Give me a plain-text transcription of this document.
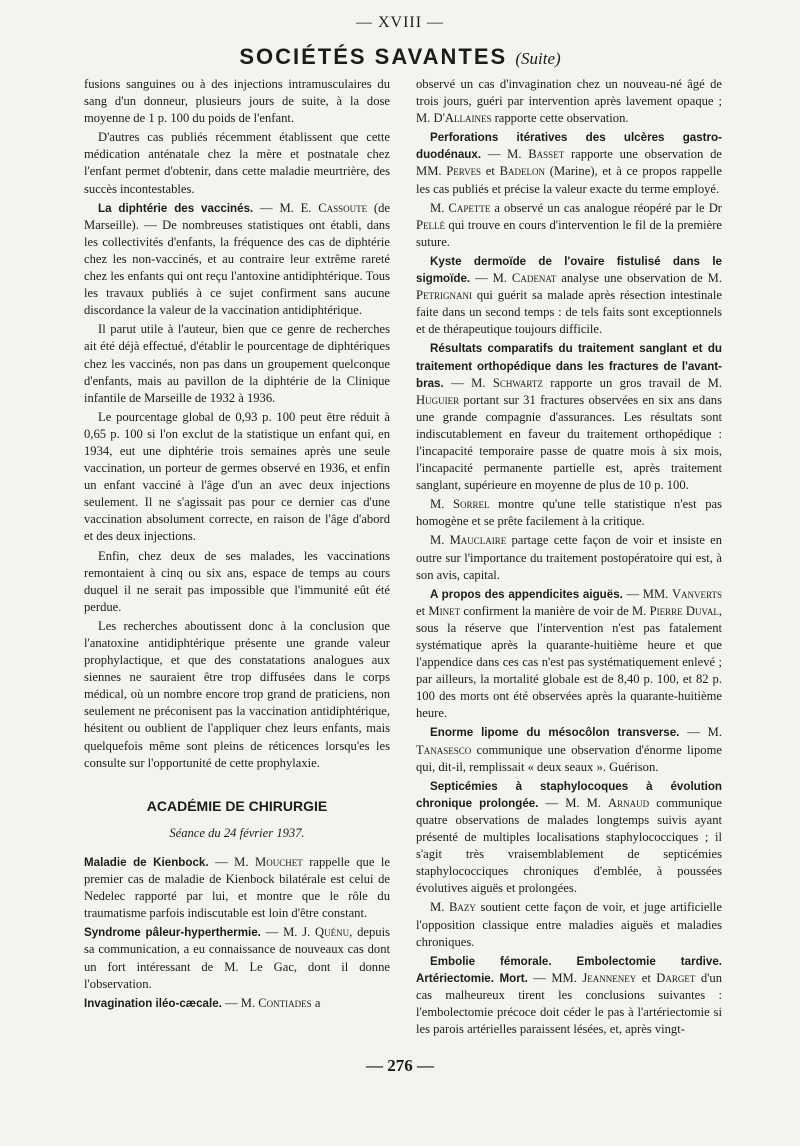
— XVIII —
SOCIÉTÉS SAVANTES (Suite)

fusions sanguines ou à des injections intramusculaires du sang d'un donneur, plusieurs jours de suite, à la dose moyenne de 1 p. 100 du poids de l'enfant.

D'autres cas publiés récemment établissent que cette médication anténatale chez la mère et postnatale chez l'enfant permet d'obtenir, dans cette maladie meurtrière, des succès incontestables.

La diphtérie des vaccinés. — M. E. Cassoute (de Marseille). — De nombreuses statistiques ont établi, dans les collectivités d'enfants, la fréquence des cas de diphtérie chez les non-vaccinés, et au contraire leur extrême rareté chez les enfants qui ont reçu l'antoxine antidiphtérique. Tous les travaux publiés à ce sujet confirment sans aucune discordance la valeur de la vaccination antidiphtérique.

Il parut utile à l'auteur, bien que ce genre de recherches ait été déjà effectué, d'établir le pourcentage de diphtériques chez les vaccinés, non pas dans un groupement quelconque d'enfants, mais au pavillon de la diphtérie de la Clinique infantile de Marseille de 1932 à 1936.

Le pourcentage global de 0,93 p. 100 peut être réduit à 0,65 p. 100 si l'on exclut de la statistique un enfant qui, en 1934, eut une diphtérie trois semaines après une seule vaccination, un porteur de germes observé en 1936, et enfin un enfant vacciné à l'âge d'un an avec deux injections seulement. Il ne s'agissait pas pour ce dernier cas d'une vaccination absolument correcte, en raison de l'âge d'abord et des deux injections.

Enfin, chez deux de ses malades, les vaccinations remontaient à cinq ou six ans, espace de temps au cours duquel il ne serait pas impossible que l'immunité eût été perdue.

Les recherches aboutissent donc à la conclusion que l'anatoxine antidiphtérique présente une grande valeur prophylactique, et que des constatations analogues aux siennes ne sauraient être trop diffusées dans le corps médical, où un nombre encore trop grand de praticiens, non seulement ne préconisent pas la vaccination antidiphtérique, hésitent ou oublient de l'appliquer chez leurs enfants, mais quelquefois même sont pleins de réticences lorsqu'es les consulte sur l'opportunité de cette prophylaxie.

ACADÉMIE DE CHIRURGIE
Séance du 24 février 1937.

Maladie de Kienbock. — M. Mouchet rappelle que le premier cas de maladie de Kienbock bilatérale est celui de Nedelec rapporté par lui, et montre que le rôle du traumatisme parfois indiscutable est loin d'être constant.

Syndrome pâleur-hyperthermie. — M. J. Quénu, depuis sa communication, a eu connaissance de nouveaux cas dont un fort intéressant de M. Le Gac, dont il donne l'observation.

Invagination iléo-cæcale. — M. Contiades a

observé un cas d'invagination chez un nouveau-né âgé de trois jours, guéri par intervention après lavement opaque ; M. D'Allaines rapporte cette observation.

Perforations itératives des ulcères gastro-duodénaux. — M. Basset rapporte une observation de MM. Perves et Badelon (Marine), et à ce propos rappelle les cas publiés et précise la valeur exacte du terme employé.

M. Capette a observé un cas analogue réopéré par le Dr Pellé qui trouve en cours d'intervention le fil de la première suture.

Kyste dermoïde de l'ovaire fistulisé dans le sigmoïde. — M. Cadenat analyse une observation de M. Petrignani qui guérit sa malade après résection intestinale faite dans un second temps : de tels faits sont exceptionnels et de thérapeutique toujours difficile.

Résultats comparatifs du traitement sanglant et du traitement orthopédique dans les fractures de l'avant-bras. — M. Schwartz rapporte un gros travail de M. Huguier portant sur 31 fractures observées en six ans dans une grande compagnie d'assurances. Les résultats sont indiscutablement en faveur du traitement orthopédique : l'incapacité temporaire passe de quatre mois à six mois, l'incapacité permanente partielle est, après traitement sanglant, supérieure en moyenne de plus de 10 p. 100.

M. Sorrel montre qu'une telle statistique n'est pas homogène et se prête facilement à la critique.

M. Mauclaire partage cette façon de voir et insiste en outre sur l'importance du traitement postopératoire qui est, à son avis, capital.

A propos des appendicites aiguës. — MM. Vanverts et Minet confirment la manière de voir de M. Pierre Duval, sous la réserve que l'intervention n'est pas fatalement systématique après la quarante-huitième heure et que l'appendice dans ces cas n'est pas systématiquement enlevé ; par ailleurs, la mortalité globale est de 8,40 p. 100, et 82 p. 100 des morts ont été observées après la quarante-huitième heure.

Enorme lipome du mésocôlon transverse. — M. Tanasesco communique une observation d'énorme lipome qui, dit-il, remplissait « deux seaux ». Guérison.

Septicémies à staphylocoques à évolution chronique prolongée. — M. M. Arnaud communique quatre observations de malades longtemps suivis ayant présenté de multiples localisations staphylococciques ; il s'agit très vraisemblablement de septicémies staphylococciques chroniques d'emblée, à poussées évolutives aiguës et prolongées.

M. Bazy soutient cette façon de voir, et juge artificielle l'opposition classique entre maladies aiguës et maladies chroniques.

Embolie fémorale. Embolectomie tardive. Artériectomie. Mort. — MM. Jeanneney et Darget d'un cas malheureux tirent les conclusions suivantes : l'embolectomie précoce doit céder le pas à l'artériectomie si les parois artérielles paraissent lésées, et, après vingt-

— 276 —
